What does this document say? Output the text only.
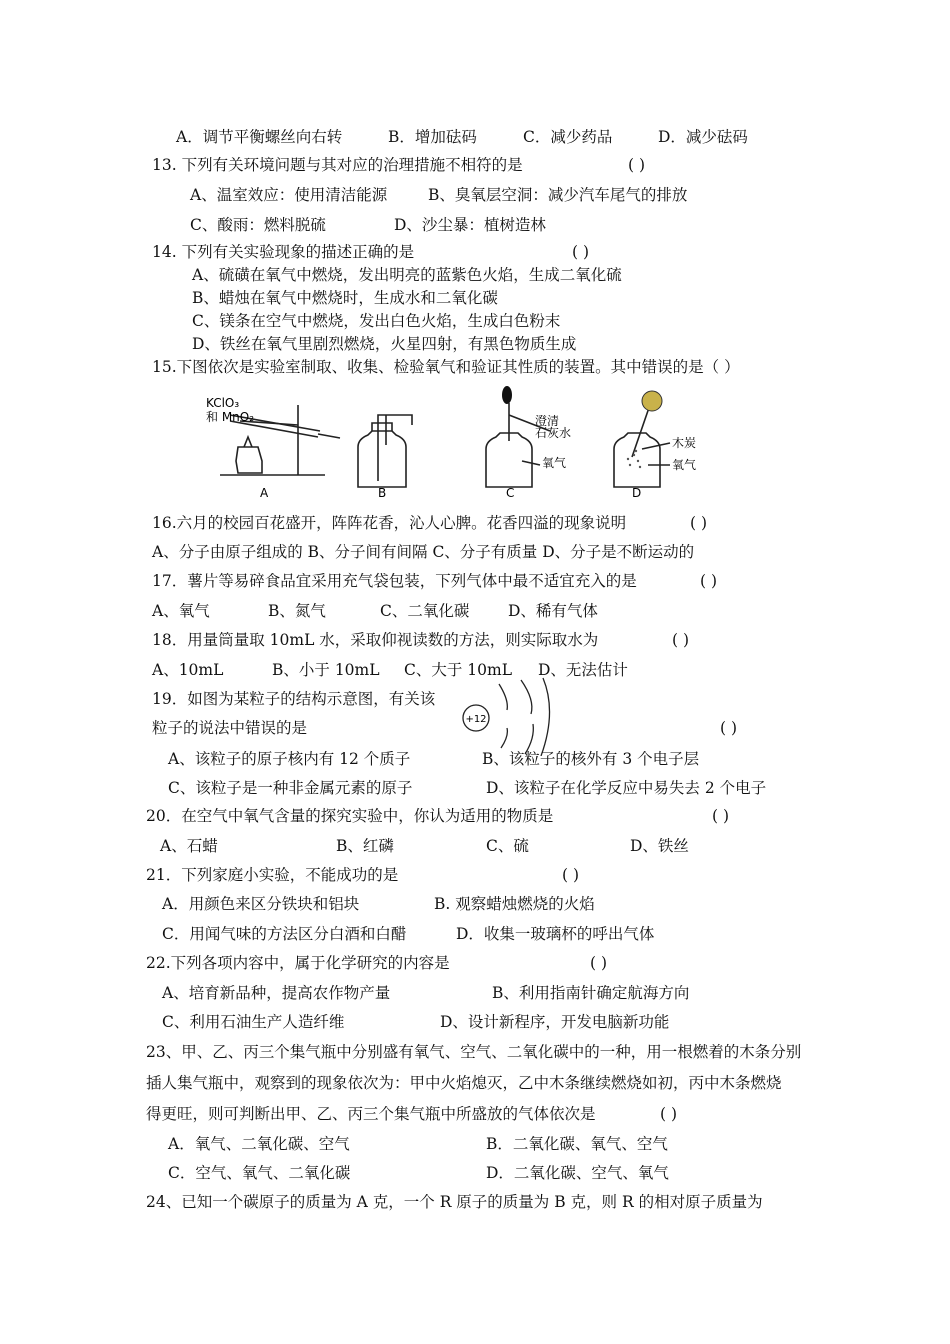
A．调节平衡螺丝向右转	B．增加砝码	C．减少药品	D．减少砝码
13. 下列有关环境问题与其对应的治理措施不相符的是	( )
A、温室效应：使用清洁能源	B、臭氧层空洞：减少汽车尾气的排放
C、酸雨：燃料脱硫	D、沙尘暴：植树造林
14. 下列有关实验现象的描述正确的是	( )
A、硫磺在氧气中燃烧，发出明亮的蓝紫色火焰，生成二氧化硫
B、蜡烛在氧气中燃烧时，生成水和二氧化碳
C、镁条在空气中燃烧，发出白色火焰，生成白色粉末
D、铁丝在氧气里剧烈燃烧，火星四射，有黑色物质生成
15.下图依次是实验室制取、收集、检验氧气和验证其性质的装置。其中错误的是（ ）
KClO₃
和 MnO₂	澄清
石灰水
氧气
木炭
氧气
A	B	C	D
16.六月的校园百花盛开，阵阵花香，沁人心脾。花香四溢的现象说明	( )
A、分子由原子组成的 B、分子间有间隔 C、分子有质量 D、分子是不断运动的
17．薯片等易碎食品宜采用充气袋包装，下列气体中最不适宜充入的是	( )
A、氧气	B、氮气	C、二氧化碳 D、稀有气体
18．用量筒量取 10mL 水，采取仰视读数的方法，则实际取水为	( )
A、10mL	B、小于 10mL C、大于 10mL D、无法估计
19．如图为某粒子的结构示意图，有关该
粒子的说法中错误的是	( )
+12
A、该粒子的原子核内有 12 个质子	B、该粒子的核外有 3 个电子层
C、该粒子是一种非金属元素的原子	D、该粒子在化学反应中易失去 2 个电子
20．在空气中氧气含量的探究实验中，你认为适用的物质是	( )
A、石蜡	B、红磷	C、硫	D、铁丝
21．下列家庭小实验，不能成功的是	( )
A．用颜色来区分铁块和铝块	B. 观察蜡烛燃烧的火焰
C．用闻气味的方法区分白酒和白醋	D．收集一玻璃杯的呼出气体
22.下列各项内容中，属于化学研究的内容是	( )
A、培育新品种，提高农作物产量	B、利用指南针确定航海方向
C、利用石油生产人造纤维	D、设计新程序，开发电脑新功能
23、甲、乙、丙三个集气瓶中分别盛有氧气、空气、二氧化碳中的一种，用一根燃着的木条分别
插人集气瓶中，观察到的现象依次为：甲中火焰熄灭，乙中木条继续燃烧如初，丙中木条燃烧
得更旺，则可判断出甲、乙、丙三个集气瓶中所盛放的气体依次是	( )
A．氧气、二氧化碳、空气	B．二氧化碳、氧气、空气
C．空气、氧气、二氧化碳	D．二氧化碳、空气、氧气
24、已知一个碳原子的质量为 A 克，一个 R 原子的质量为 B 克，则 R 的相对原子质量为
